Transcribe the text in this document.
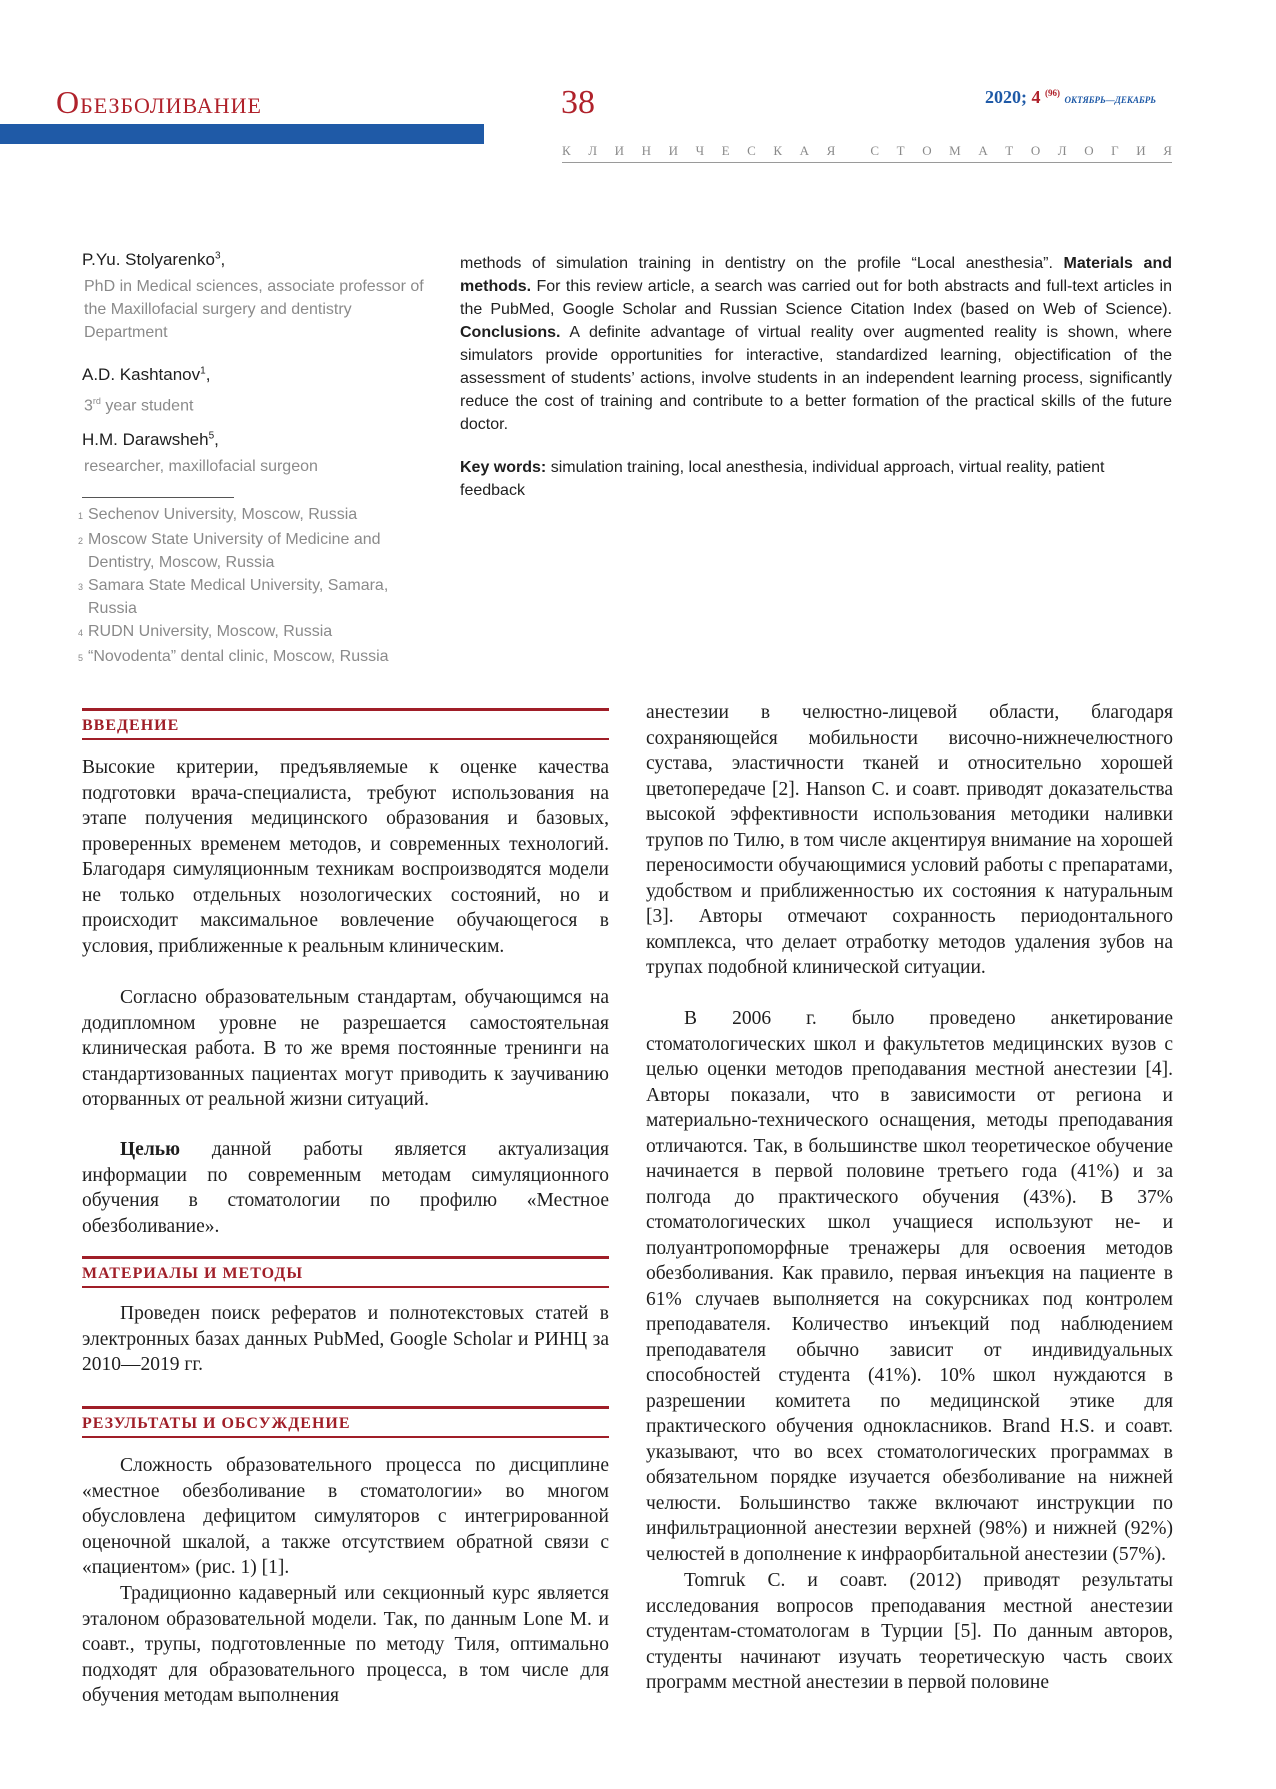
Обезболивание	38	2020; 4 $^{(96)}$ ОКТЯБРЬ—ДЕКАБРЬ
К Л И Н И Ч Е С К А Я	С Т О М А Т О Л О Г И Я
P.Yu. Stolyarenko$^3$,
PhD in Medical sciences, associate professor of the Maxillofacial surgery and dentistry Department
A.D. Kashtanov$^1$,
3rd year student
H.M. Darawsheh$^5$,
researcher, maxillofacial surgeon
1 Sechenov University, Moscow, Russia
2 Moscow State University of Medicine and Dentistry, Moscow, Russia
3 Samara State Medical University, Samara, Russia
4 RUDN University, Moscow, Russia
5 “Novodenta” dental clinic, Moscow, Russia
methods of simulation training in dentistry on the profile “Local anesthesia”. Materials and methods. For this review article, a search was carried out for both abstracts and full-text articles in the PubMed, Google Scholar and Russian Science Citation Index (based on Web of Science). Conclusions. A definite advantage of virtual reality over augmented reality is shown, where simulators provide opportunities for interactive, standardized learning, objectification of the assessment of students’ actions, involve students in an independent learning process, significantly reduce the cost of training and contribute to a better formation of the practical skills of the future doctor.
Key words: simulation training, local anesthesia, individual approach, virtual reality, patient feedback
ВВЕДЕНИЕ
Высокие критерии, предъявляемые к оценке качества подготовки врача-специалиста, требуют использования на этапе получения медицинского образования и базовых, проверенных временем методов, и современных технологий. Благодаря симуляционным техникам воспроизводятся модели не только отдельных нозологических состояний, но и происходит максимальное вовлечение обучающегося в условия, приближенные к реальным клиническим.
Согласно образовательным стандартам, обучающимся на додипломном уровне не разрешается самостоятельная клиническая работа. В то же время постоянные тренинги на стандартизованных пациентах могут приводить к заучиванию оторванных от реальной жизни ситуаций.
Целью данной работы является актуализация информации по современным методам симуляционного обучения в стоматологии по профилю «Местное обезболивание».
МАТЕРИАЛЫ И МЕТОДЫ
Проведен поиск рефератов и полнотекстовых статей в электронных базах данных PubMed, Google Scholar и РИНЦ за 2010—2019 гг.
РЕЗУЛЬТАТЫ И ОБСУЖДЕНИЕ
Сложность образовательного процесса по дисциплине «местное обезболивание в стоматологии» во многом обусловлена дефицитом симуляторов с интегрированной оценочной шкалой, а также отсутствием обратной связи с «пациентом» (рис. 1) [1].
Традиционно кадаверный или секционный курс является эталоном образовательной модели. Так, по данным Lone M. и соавт., трупы, подготовленные по методу Тиля, оптимально подходят для образовательного процесса, в том числе для обучения методам выполнения
анестезии в челюстно-лицевой области, благодаря сохраняющейся мобильности височно-нижнечелюстного сустава, эластичности тканей и относительно хорошей цветопередаче [2]. Hanson C. и соавт. приводят доказательства высокой эффективности использования методики наливки трупов по Тилю, в том числе акцентируя внимание на хорошей переносимости обучающимися условий работы с препаратами, удобством и приближенностью их состояния к натуральным [3]. Авторы отмечают сохранность периодонтального комплекса, что делает отработку методов удаления зубов на трупах подобной клинической ситуации.
В 2006 г. было проведено анкетирование стоматологических школ и факультетов медицинских вузов с целью оценки методов преподавания местной анестезии [4]. Авторы показали, что в зависимости от региона и материально-технического оснащения, методы преподавания отличаются. Так, в большинстве школ теоретическое обучение начинается в первой половине третьего года (41%) и за полгода до практического обучения (43%). В 37% стоматологических школ учащиеся используют не- и полуантропоморфные тренажеры для освоения методов обезболивания. Как правило, первая инъекция на пациенте в 61% случаев выполняется на сокурсниках под контролем преподавателя. Количество инъекций под наблюдением преподавателя обычно зависит от индивидуальных способностей студента (41%). 10% школ нуждаются в разрешении комитета по медицинской этике для практического обучения однокласников. Brand H.S. и соавт. указывают, что во всех стоматологических программах в обязательном порядке изучается обезболивание на нижней челюсти. Большинство также включают инструкции по инфильтрационной анестезии верхней (98%) и нижней (92%) челюстей в дополнение к инфраорбитальной анестезии (57%).
Tomruk C. и соавт. (2012) приводят результаты исследования вопросов преподавания местной анестезии студентам-стоматологам в Турции [5]. По данным авторов, студенты начинают изучать теоретическую часть своих программ местной анестезии в первой половине
